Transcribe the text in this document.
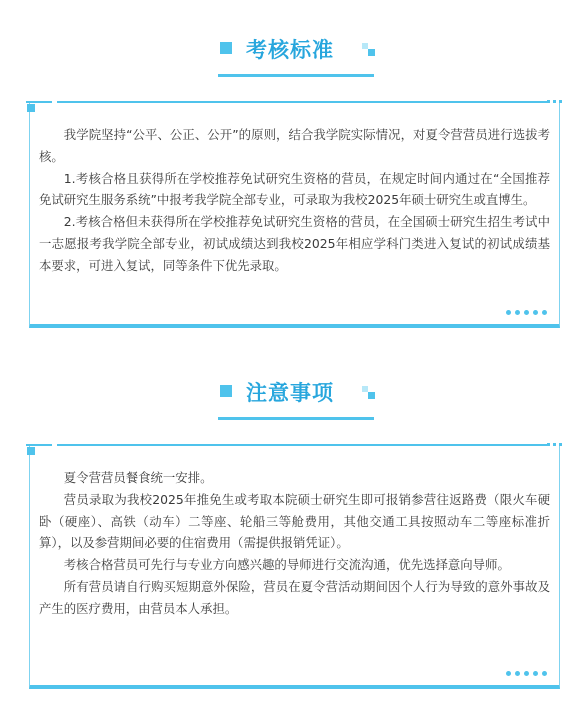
考核标准

我学院坚持“公平、公正、公开”的原则，结合我学院实际情况，对夏令营营员进行选拔考核。

1.考核合格且获得所在学校推荐免试研究生资格的营员，在规定时间内通过在“全国推荐免试研究生服务系统”中报考我学院全部专业，可录取为我校2025年硕士研究生或直博生。

2.考核合格但未获得所在学校推荐免试研究生资格的营员，在全国硕士研究生招生考试中一志愿报考我学院全部专业，初试成绩达到我校2025年相应学科门类进入复试的初试成绩基本要求，可进入复试，同等条件下优先录取。

注意事项

夏令营营员餐食统一安排。

营员录取为我校2025年推免生或考取本院硕士研究生即可报销参营往返路费（限火车硬卧（硬座）、高铁（动车）二等座、轮船三等舱费用，其他交通工具按照动车二等座标准折算），以及参营期间必要的住宿费用（需提供报销凭证）。

考核合格营员可先行与专业方向感兴趣的导师进行交流沟通，优先选择意向导师。

所有营员请自行购买短期意外保险，营员在夏令营活动期间因个人行为导致的意外事故及产生的医疗费用，由营员本人承担。
